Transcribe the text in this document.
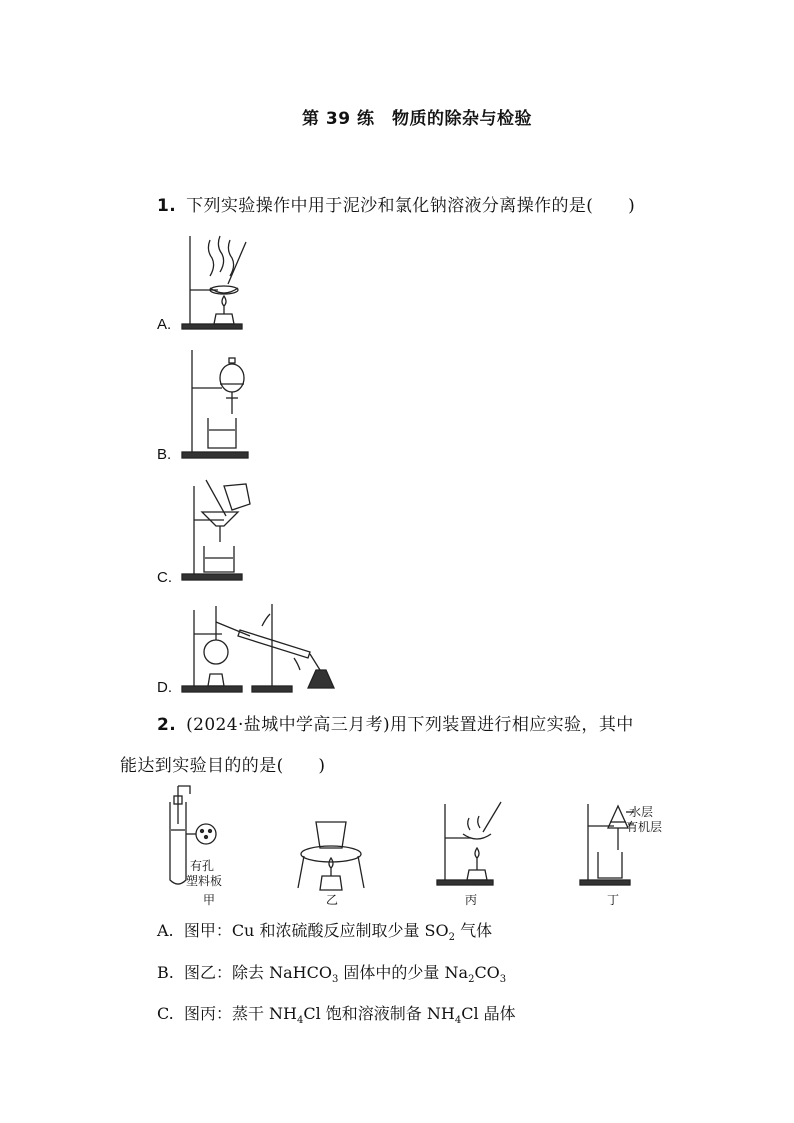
第 39 练　物质的除杂与检验
1. 下列实验操作中用于泥沙和氯化钠溶液分离操作的是(　　)
A.
B.
C.
D.
2. (2024·盐城中学高三月考)用下列装置进行相应实验，其中
能达到实验目的的是(　　)
有孔
塑料板
甲	乙	丙
水层
有机层
丁
A. 图甲：Cu 和浓硫酸反应制取少量 $SO_2$ 气体
B. 图乙：除去 NaHCO$_3$ 固体中的少量 $Na_2CO_3$
C. 图丙：蒸干 $NH_4Cl$ 饱和溶液制备 $NH_4Cl$ 晶体
